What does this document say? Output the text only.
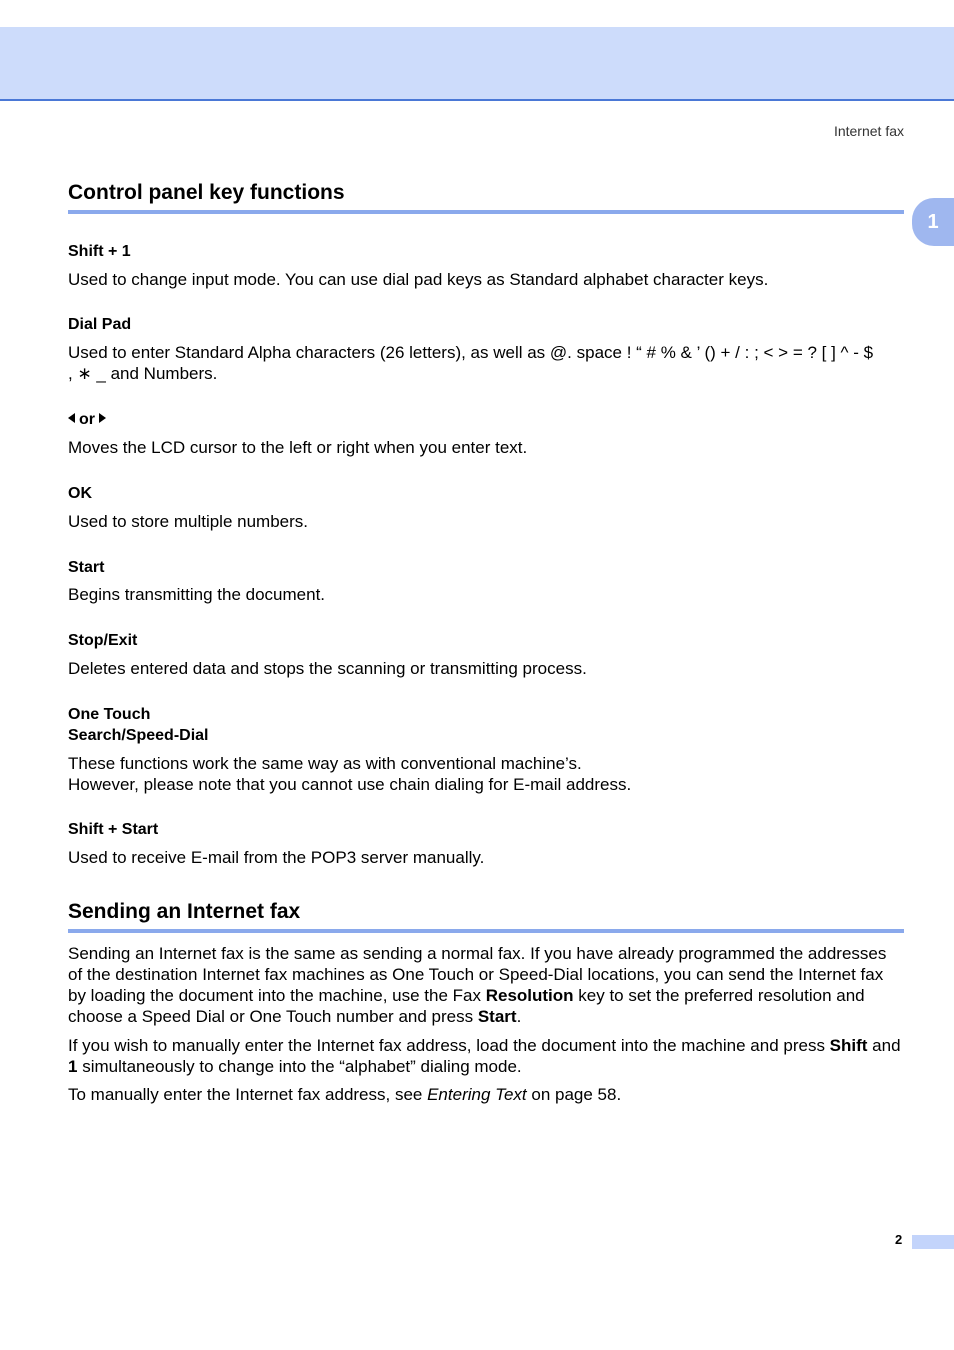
Internet fax
1
Control panel key functions

Shift + 1

Used to change input mode. You can use dial pad keys as Standard alphabet character keys.

Dial Pad

Used to enter Standard Alpha characters (26 letters), as well as @. space ! “ # % & ’ () + / : ; < > = ? [ ] ^ - $
, ∗ _ and Numbers.

or

Moves the LCD cursor to the left or right when you enter text.

OK

Used to store multiple numbers.

Start

Begins transmitting the document.

Stop/Exit

Deletes entered data and stops the scanning or transmitting process.

One Touch
Search/Speed-Dial

These functions work the same way as with conventional machine’s.
However, please note that you cannot use chain dialing for E-mail address.

Shift + Start

Used to receive E-mail from the POP3 server manually.

Sending an Internet fax

Sending an Internet fax is the same as sending a normal fax. If you have already programmed the addresses of the destination Internet fax machines as One Touch or Speed-Dial locations, you can send the Internet fax by loading the document into the machine, use the Fax Resolution key to set the preferred resolution and choose a Speed Dial or One Touch number and press Start.

If you wish to manually enter the Internet fax address, load the document into the machine and press Shift and 1 simultaneously to change into the “alphabet” dialing mode.

To manually enter the Internet fax address, see Entering Text on page 58.

2
